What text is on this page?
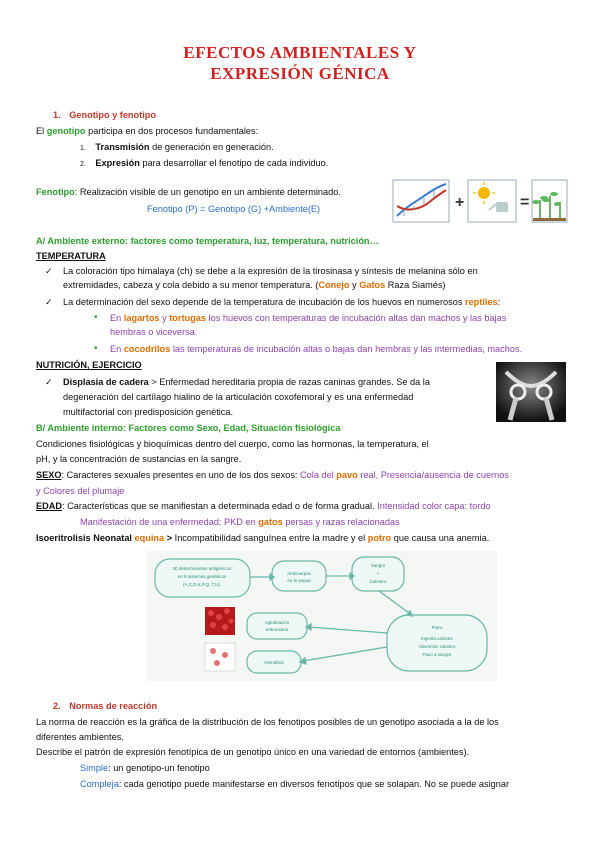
EFECTOS AMBIENTALES Y
EXPRESIÓN GÉNICA
1. Genotipo y fenotipo
El genotipo participa en dos procesos fundamentales:
1. Transmisión de generación en generación.
2. Expresión para desarrollar el fenotipo de cada individuo.
Fenotipo: Realización visible de un genotipo en un ambiente determinado.
Fenotipo (P) = Genotipo (G) +Ambiente(E)	+	=
A/ Ambiente externo: factores como temperatura, luz, temperatura, nutrición…
TEMPERATURA
✓ La coloración tipo himalaya (ch) se debe a la expresión de la tirosinasa y síntesis de melanina sólo en
extremidades, cabeza y cola debido a su menor temperatura. (Conejo y Gatos Raza Siamés)
✓ La determinación del sexo depende de la temperatura de incubación de los huevos en numerosos reptiles:
• En lagartos y tortugas los huevos con temperaturas de incubación altas dan machos y las bajas
hembras o viceversa.
• En cocodrilos las temperaturas de incubación altas o bajas dan hembras y las intermedias, machos.
NUTRICIÓN, EJERCICIO
✓ Displasia de cadera > Enfermedad hereditaria propia de razas caninas grandes. Se da la
degeneración del cartílago hialino de la articulación coxofemoral y es una enfermedad
multifactorial con predisposición genética.
B/ Ambiente interno: Factores como Sexo, Edad, Situación fisiológica
Condiciones fisiológicas y bioquímicas dentro del cuerpo, como las hormonas, la temperatura, el
pH, y la concentración de sustancias en la sangre.
SEXO: Caracteres sexuales presentes en uno de los dos sexos: Cola del pavo real, Presencia/ausencia de cuernos
y Colores del plumaje
EDAD: Características que se manifiestan a determinada edad o de forma gradual. Intensidad color capa: tordo
Manifestación de una enfermedad: PKD en gatos persas y razas relacionadas
Isoeritrolisis Neonatal equina > Incompatibilidad sanguínea entre la madre y el potro que causa una anemia.
30 determinantes antigénicos
en 8 sistemas genéticos
(A,C,D,K,P,Q, T,U).
Anticuerpos
en la yegua
Sangre
+
Calostro
Aglutinación
eritrocitaria	Potro
Ingesta calostro
Absorción calostro
Paso a sangre
Hemólisis
2. Normas de reacción
La norma de reacción es la gráfica de la distribución de los fenotipos posibles de un genotipo asociada a la de los
diferentes ambientes.
Describe el patrón de expresión fenotípica de un genotipo único en una variedad de entornos (ambientes).
Simple: un genotipo-un fenotipo
Compleja: cada genotipo puede manifestarse en diversos fenotipos que se solapan. No se puede asignar
